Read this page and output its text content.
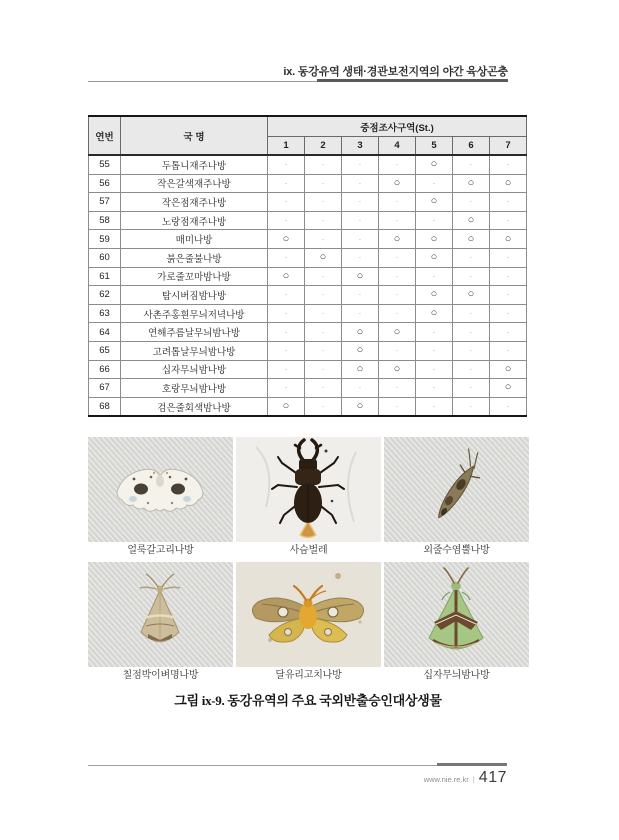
ix. 동강유역 생태·경관보전지역의 야간 육상곤충
연번	국 명	중점조사구역(St.)						
		1	2	3	4	5	6	7
55	두톱니재주나방	·	·	·	·	○	·	·
56	작은갈색재주나방	·	·	·	○	·	○	○
57	작은점재주나방	·	·	·	·	○	·	·
58	노랑점재주나방	·	·	·	·	·	○	·
59	매미나방	○	·	·	○	○	○	○
60	붉은줄불나방	·	○	·	·	○	·	·
61	가로줄꼬마밤나방	○	·	○	·	·	·	·
62	탐시버짐밤나방	·	·	·	·	○	○	·
63	사촌주홍흰무늬저녁나방	·	·	·	·	○	·	·
64	연해주름날무늬밤나방	·	·	○	○	·	·	·
65	고려톱날무늬밤나방	·	·	○	·	·	·	·
66	십자무늬밤나방	·	·	○	○	·	·	○
67	호랑무늬밤나방	·	·	·	·	·	·	○
68	검은줄회색밤나방	○	·	○	·	·	·	·
얼룩갈고리나방	사슴벌레	외줄수염뿔나방
칠점박이벼명나방	달유리고치나방	십자무늬밤나방
그림 ix-9. 동강유역의 주요 국외반출승인대상생물
www.nie.re.kr | 417
